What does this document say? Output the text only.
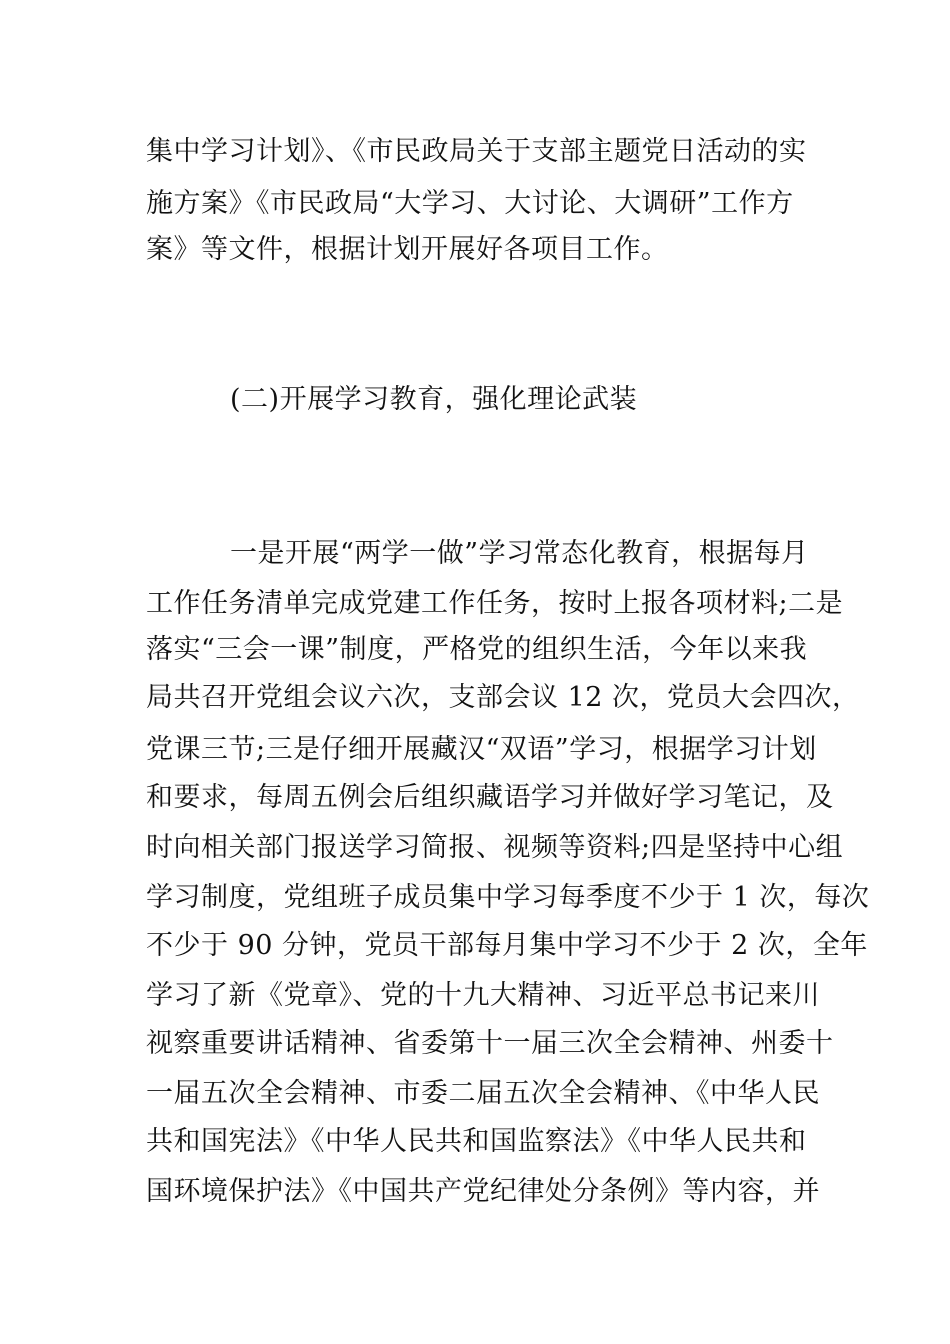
集中学习计划》、《市民政局关于支部主题党日活动的实
施方案》《市民政局“大学习、大讨论、大调研”工作方
案》等文件，根据计划开展好各项目工作。
(二)开展学习教育，强化理论武装
一是开展“两学一做”学习常态化教育，根据每月
工作任务清单完成党建工作任务，按时上报各项材料;二是
落实“三会一课”制度，严格党的组织生活，今年以来我
局共召开党组会议六次，支部会议 12 次，党员大会四次，
党课三节;三是仔细开展藏汉“双语”学习，根据学习计划
和要求，每周五例会后组织藏语学习并做好学习笔记，及
时向相关部门报送学习简报、视频等资料;四是坚持中心组
学习制度，党组班子成员集中学习每季度不少于 1 次，每次
不少于 90 分钟，党员干部每月集中学习不少于 2 次，全年
学习了新《党章》、党的十九大精神、习近平总书记来川
视察重要讲话精神、省委第十一届三次全会精神、州委十
一届五次全会精神、市委二届五次全会精神、《中华人民
共和国宪法》《中华人民共和国监察法》《中华人民共和
国环境保护法》《中国共产党纪律处分条例》等内容，并
